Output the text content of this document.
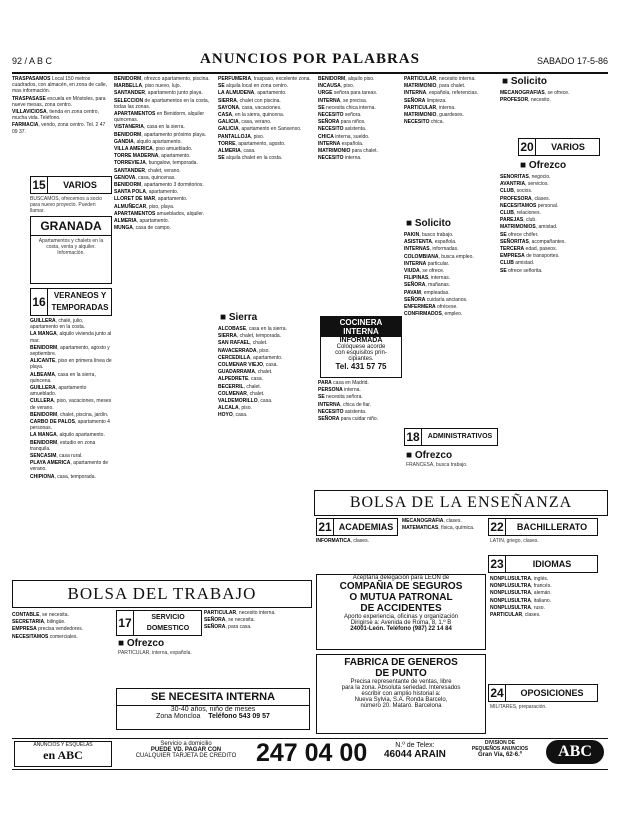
92 / A B C	ANUNCIOS POR PALABRAS	SABADO 17-5-86

TRASPASAMOS Local 150 metros cuadrados, con almacén, en zona de calle, mas información.

TRASPASASE escuela en Móstoles, para nueve mesas, zona centro.

VILLAVICIOSA, tienda en zona centro, mucha vida. Teléfono.

FARMACIA, vendo, zona centro. Tel. 2 47 09 37.

15	VARIOS
BUSCAMOS, ofrecemos a socio para nuevo proyecto. Pueden llamar.
GRANADA
Apartamentos y chalets en la costa, venta y alquiler. Información.
16	VERANEOS Y TEMPORADAS

GUILLERA, chalé, julio, apartamento en la costa.

LA MANGA, alquilo vivienda junto al mar.

BENIDORM, apartamento, agosto y septiembre.

ALICANTE, piso en primera línea de playa.

ALBEAMA, casa en la sierra, quincena.

GUILLERA, apartamento amueblado.

CULLERA, piso, vacaciones, meses de verano.

BENIDORM, chalet, piscina, jardín.

CARBO DE PALOS, apartamento 4 personas.

LA MANGA, alquilo apartamento.

BENIDORM, estudio en zona tranquila.

SENCASIM, casa rural.

PLAYA AMERICA, apartamento de verano.

CHIPIONA, casa, temporada.

BENIDORM, ofrezco apartamento, piscina.

MARBELLA, piso nuevo, lujo.

SANTANDER, apartamento junto playa.

SELECCION de apartamentos en la costa, todas las zonas.

APARTAMENTOS en Benidorm, alquiler quincenas.

VISTANERIA, casa en la sierra.

BENIDORM, apartamento próximo playa.

GANDIA, alquilo apartamento.

VILLA AMERICA, piso amueblado.

TORRE MADERNA, apartamento.

TORREVIEJA, bungalow, temporada.

SANTANDER, chalet, verano.

GENOVA, casa, quincenas.

BENIDORM, apartamento 3 dormitorios.

SANTA POLA, apartamento.

LLORET DE MAR, apartamento.

ALMUÑECAR, piso, playa.

APARTAMENTOS amueblados, alquiler.

ALMERIA, apartamento.

MUNGA, casa de campo.

PERFUMERIA, traspaso, excelente zona.

SE alquila local en zona centro.

LA ALMUDENA, apartamento.

SIERRA, chalet con piscina.

SAYONA, casa, vacaciones.

CASA, en la sierra, quincena.

GALICIA, casa, verano.

GALICIA, apartamento en Sanxenxo.

PANTALLOJA, piso.

TORRE, apartamento, agosto.

ALMERIA, casa.

SE alquila chalet en la costa.

■ Sierra

ALCOBASE, casa en la sierra.

SIERRA, chalet, temporada.

SAN RAFAEL, chalet.

NAVACERRADA, piso.

CERCEDILLA, apartamento.

COLMENAR VIEJO, casa.

GUADARRAMA, chalet.

ALPEDRETE, casa.

BECERRIL, chalet.

COLMENAR, chalet.

VALDEMORILLO, casa.

ALCALA, piso.

HOYO, casa.

BENIDORM, alquilo piso.

INCAUSA, piso.

URGE señora para tareas.

INTERNA, se precisa.

SE necesita chica interna.

NECESITO señora.

SEÑORA para niños.

NECESITO asistenta.

CHICA interna, sueldo.

INTERNA española.

MATRIMONIO para chalet.

NECESITO interna.

COCINERA INTERNA
INFORMADA
Colóquese acorde
con esquisitos prin-
cipiantes.
Tel. 431 57 75

PARA casa en Madrid.

PERSONA interna.

SE necesita señora.

INTERNA, chica de fiar.

NECESITO asistenta.

SEÑORA para cuidar niño.

PARTICULAR, necesito interna.

MATRIMONIO, para chalet.

INTERNA, española, referencias.

SEÑORA limpieza.

PARTICULAR, interna.

MATRIMONIO, guardeses.

NECESITO chica.

■ Solicito

PAKIN, busco trabajo.

ASISTENTA, española.

INTERNAS, informadas.

COLOMBIANA, busca empleo.

INTERNA particular.

VIUDA, se ofrece.

FILIPINAS, internas.

SEÑORA, mañanas.

PAVAM, empleadas.

SEÑORA cuidaría ancianos.

ENFERMERA ofrécese.

CONFIRMADOS, empleo.

18	ADMINISTRATIVOS
■ Ofrezco
FRANCESA, busca trabajo.
■ Solicito

MECANOGRAFIAS, se ofrece.

PROFESOR, necesito.

20	VARIOS
■ Ofrezco

SEÑORITAS, negocio.

AVANTRIA, servicios.

CLUB, socios.

PROFESORA, clases.

NECESITAMOS personal.

CLUB, relaciones.

PAREJAS, club.

MATRIMONIOS, amistad.

SE ofrece chófer.

SEÑORITAS, acompañantes.

TERCERA edad, paseos.

EMPRESA de transportes.

CLUB amistad.

SE ofrece señorita.

BOLSA DE LA ENSEÑANZA
21 ACADEMIAS

INFORMATICA, clases.

MECANOGRAFIA, clases.

MATEMATICAS, física, química.	22	BACHILLERATO
LATIN, griego, clases.
23	IDIOMAS

NONPLUSULTRA, inglés.

NONPLUSULTRA, francés.

NONPLUSULTRA, alemán.

NONPLUSULTRA, italiano.

NONPLUSULTRA, ruso.

PARTICULAR, clases.

24	OPOSICIONES
MILITARES, preparación.
Aceptaría delegación para LEON de
COMPAÑIA DE SEGUROS
O MUTUA PATRONAL
DE ACCIDENTES
Aporto experiencia, oficinas y organización
Dirigirse a: Avenida de Roma, 8, 1.º B
24001-León. Teléfono (987) 22 14 84
FABRICA DE GENEROS
DE PUNTO
Precisa representante de ventas, libre
para la zona. Absoluta seriedad. Interesados
escribir con amplio historial a:
Nueva Sylvia, S.A. Ronda Barcelo,
número 20. Mataró. Barcelona
BOLSA DEL TRABAJO

CONTABLE, se necesita.

SECRETARIA, bilingüe.

EMPRESA precisa vendedores.

NECESITAMOS comerciales.

17	SERVICIO DOMESTICO
■ Ofrezco
PARTICULAR, interna, española.

PARTICULAR, necesito interna.

SEÑORA, se necesita.

SEÑORA, para casa.

SE NECESITA INTERNA
30-40 años, niño de meses
Zona Moncloa Teléfono 543 09 57
ANUNCIOS Y ESQUELAS
en ABC
Servicio a domicilio
PUEDE VD. PAGAR CON
CUALQUIER TARJETA DE CREDITO 247 04 00	N.º de Telex:
46044 ARAIN
DIVISION DE
PEQUEÑOS ANUNCIOS
Gran Vía, 62-6.º	ABC
